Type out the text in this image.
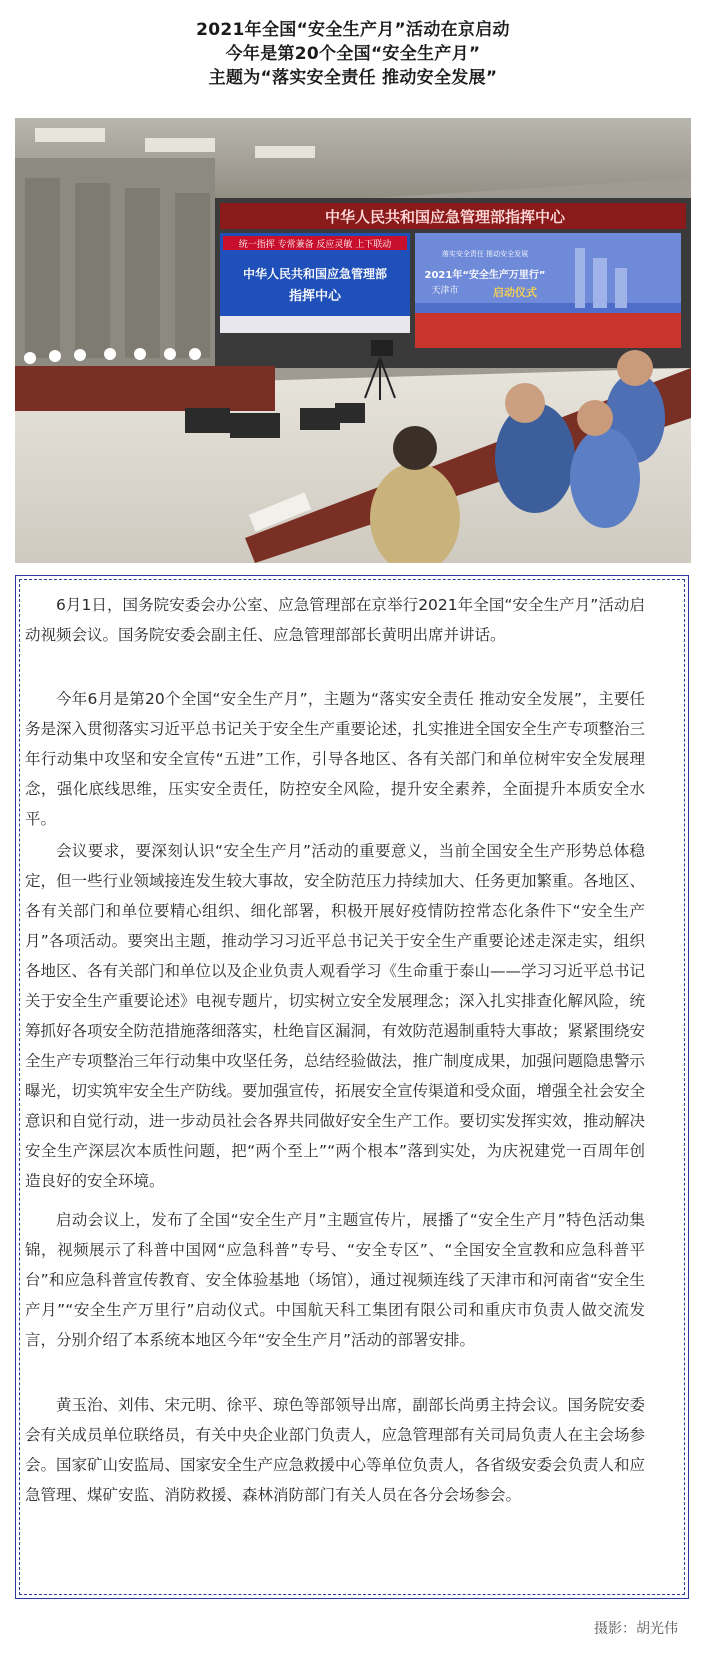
2021年全国“安全生产月”活动在京启动
今年是第20个全国“安全生产月”
主题为“落实安全责任 推动安全发展”
中华人民共和国应急管理部指挥中心
统一指挥 专常兼备 反应灵敏 上下联动
中华人民共和国应急管理部
指挥中心
落实安全责任 推动安全发展
2021年“安全生产万里行”
天津市	启动仪式

6月1日，国务院安委会办公室、应急管理部在京举行2021年全国“安全生产月”活动启动视频会议。国务院安委会副主任、应急管理部部长黄明出席并讲话。

今年6月是第20个全国“安全生产月”，主题为“落实安全责任 推动安全发展”，主要任务是深入贯彻落实习近平总书记关于安全生产重要论述，扎实推进全国安全生产专项整治三年行动集中攻坚和安全宣传“五进”工作，引导各地区、各有关部门和单位树牢安全发展理念，强化底线思维，压实安全责任，防控安全风险，提升安全素养，全面提升本质安全水平。

会议要求，要深刻认识“安全生产月”活动的重要意义，当前全国安全生产形势总体稳定，但一些行业领域接连发生较大事故，安全防范压力持续加大、任务更加繁重。各地区、各有关部门和单位要精心组织、细化部署，积极开展好疫情防控常态化条件下“安全生产月”各项活动。要突出主题，推动学习习近平总书记关于安全生产重要论述走深走实，组织各地区、各有关部门和单位以及企业负责人观看学习《生命重于泰山——学习习近平总书记关于安全生产重要论述》电视专题片，切实树立安全发展理念；深入扎实排查化解风险，统筹抓好各项安全防范措施落细落实，杜绝盲区漏洞，有效防范遏制重特大事故；紧紧围绕安全生产专项整治三年行动集中攻坚任务，总结经验做法，推广制度成果，加强问题隐患警示曝光，切实筑牢安全生产防线。要加强宣传，拓展安全宣传渠道和受众面，增强全社会安全意识和自觉行动，进一步动员社会各界共同做好安全生产工作。要切实发挥实效，推动解决安全生产深层次本质性问题，把“两个至上”“两个根本”落到实处，为庆祝建党一百周年创造良好的安全环境。

启动会议上，发布了全国“安全生产月”主题宣传片，展播了“安全生产月”特色活动集锦，视频展示了科普中国网“应急科普”专号、“安全专区”、“全国安全宣教和应急科普平台”和应急科普宣传教育、安全体验基地（场馆），通过视频连线了天津市和河南省“安全生产月”“安全生产万里行”启动仪式。中国航天科工集团有限公司和重庆市负责人做交流发言，分别介绍了本系统本地区今年“安全生产月”活动的部署安排。

黄玉治、刘伟、宋元明、徐平、琼色等部领导出席，副部长尚勇主持会议。国务院安委会有关成员单位联络员，有关中央企业部门负责人，应急管理部有关司局负责人在主会场参会。国家矿山安监局、国家安全生产应急救援中心等单位负责人，各省级安委会负责人和应急管理、煤矿安监、消防救援、森林消防部门有关人员在各分会场参会。

摄影：胡光伟
